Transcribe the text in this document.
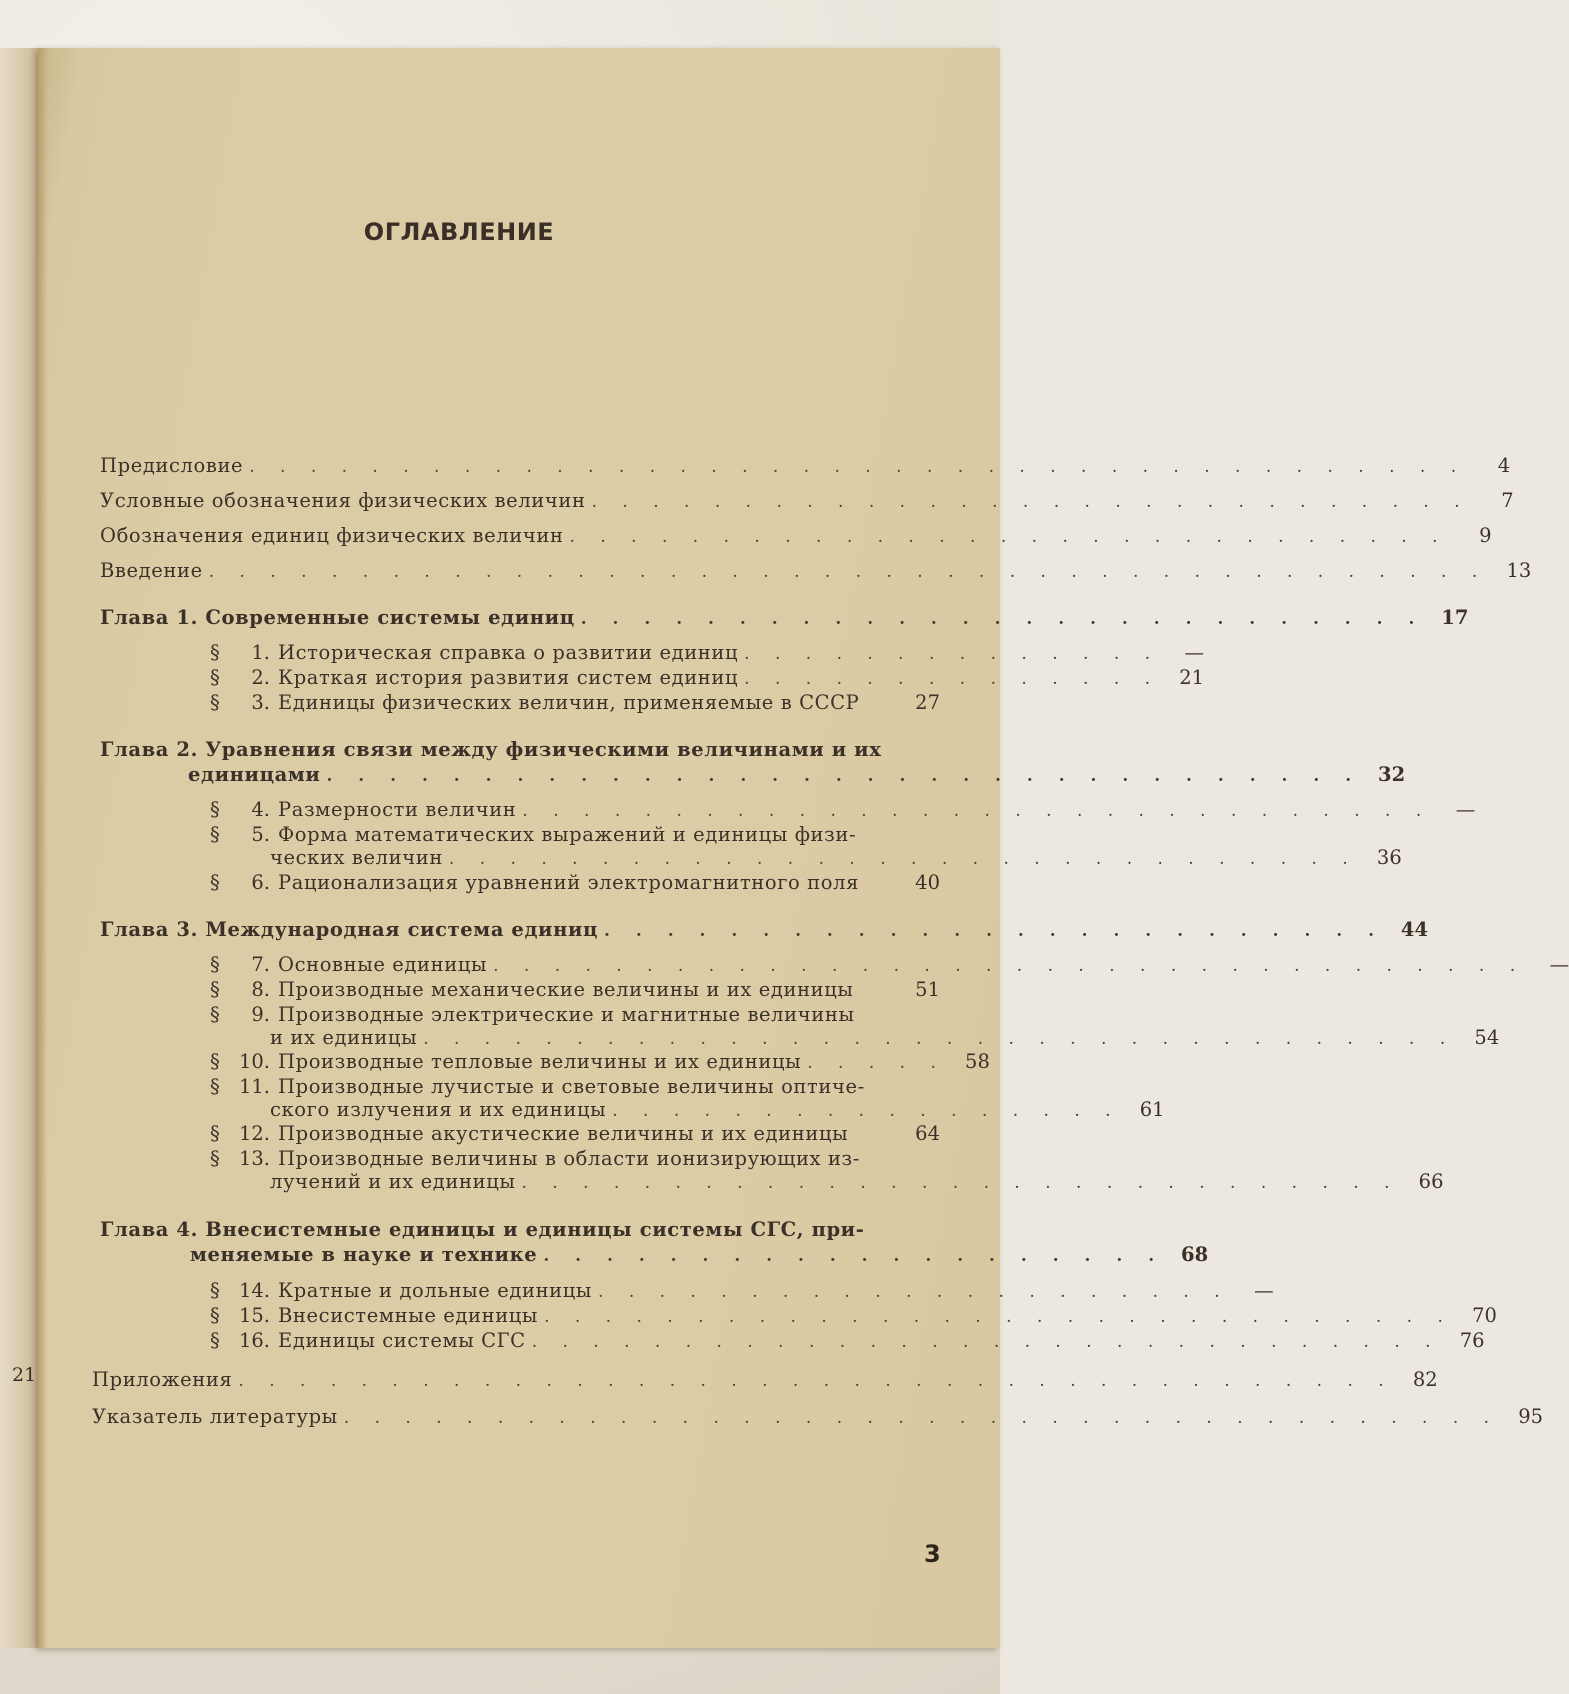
21
ОГЛАВЛЕНИЕ
Предисловие . . . . . . . . . . . . . . . . . . . . . . . . . . . . . . . . . . . . . . . .	4
Условные обозначения физических величин . . . . . . . . . . . . . . . . . . . . . . . . . . . . .	7
Обозначения единиц физических величин . . . . . . . . . . . . . . . . . . . . . . . . . . . . .	9
Введение . . . . . . . . . . . . . . . . . . . . . . . . . . . . . . . . . . . . . . . . . . 13
Глава 1. Современные системы единиц . . . . . . . . . . . . . . . . . . . . . . . . . . . 17
§	1. Историческая справка о развитии единиц . . . . . . . . . . . . . .	—
§	2. Краткая история развития систем единиц . . . . . . . . . . . . . . 21
§	3. Единицы физических величин, применяемые в СССР	27
Глава 2. Уравнения связи между физическими величинами и их
единицами . . . . . . . . . . . . . . . . . . . . . . . . . . . . . . . . . 32
§	4. Размерности величин . . . . . . . . . . . . . . . . . . . . . . . . . . . . . .	—
§	5. Форма математических выражений и единицы физи-
ческих величин . . . . . . . . . . . . . . . . . . . . . . . . . . . . . . 36
§	6. Рационализация уравнений электромагнитного поля	40
Глава 3. Международная система единиц . . . . . . . . . . . . . . . . . . . . . . . . . 44
§	7. Основные единицы . . . . . . . . . . . . . . . . . . . . . . . . . . . . . . . . . .	—
§	8. Производные механические величины и их единицы	51
§	9. Производные электрические и магнитные величины
и их единицы . . . . . . . . . . . . . . . . . . . . . . . . . . . . . . . . . . 54
§ 10. Производные тепловые величины и их единицы . . . . . 58
§ 11. Производные лучистые и световые величины оптиче-
ского излучения и их единицы . . . . . . . . . . . . . . . . . 61
§ 12. Производные акустические величины и их единицы	64
§ 13. Производные величины в области ионизирующих из-
лучений и их единицы . . . . . . . . . . . . . . . . . . . . . . . . . . . . . 66
Глава 4. Внесистемные единицы и единицы системы СГС, при-
меняемые в науке и технике . . . . . . . . . . . . . . . . . . . . 68
§ 14. Кратные и дольные единицы . . . . . . . . . . . . . . . . . . . . .	—
§ 15. Внесистемные единицы . . . . . . . . . . . . . . . . . . . . . . . . . . . . . . 70
§ 16. Единицы системы СГС . . . . . . . . . . . . . . . . . . . . . . . . . . . . . . 76
Приложения . . . . . . . . . . . . . . . . . . . . . . . . . . . . . . . . . . . . . . 82
Указатель литературы . . . . . . . . . . . . . . . . . . . . . . . . . . . . . . . . . . . . . . 95
3
